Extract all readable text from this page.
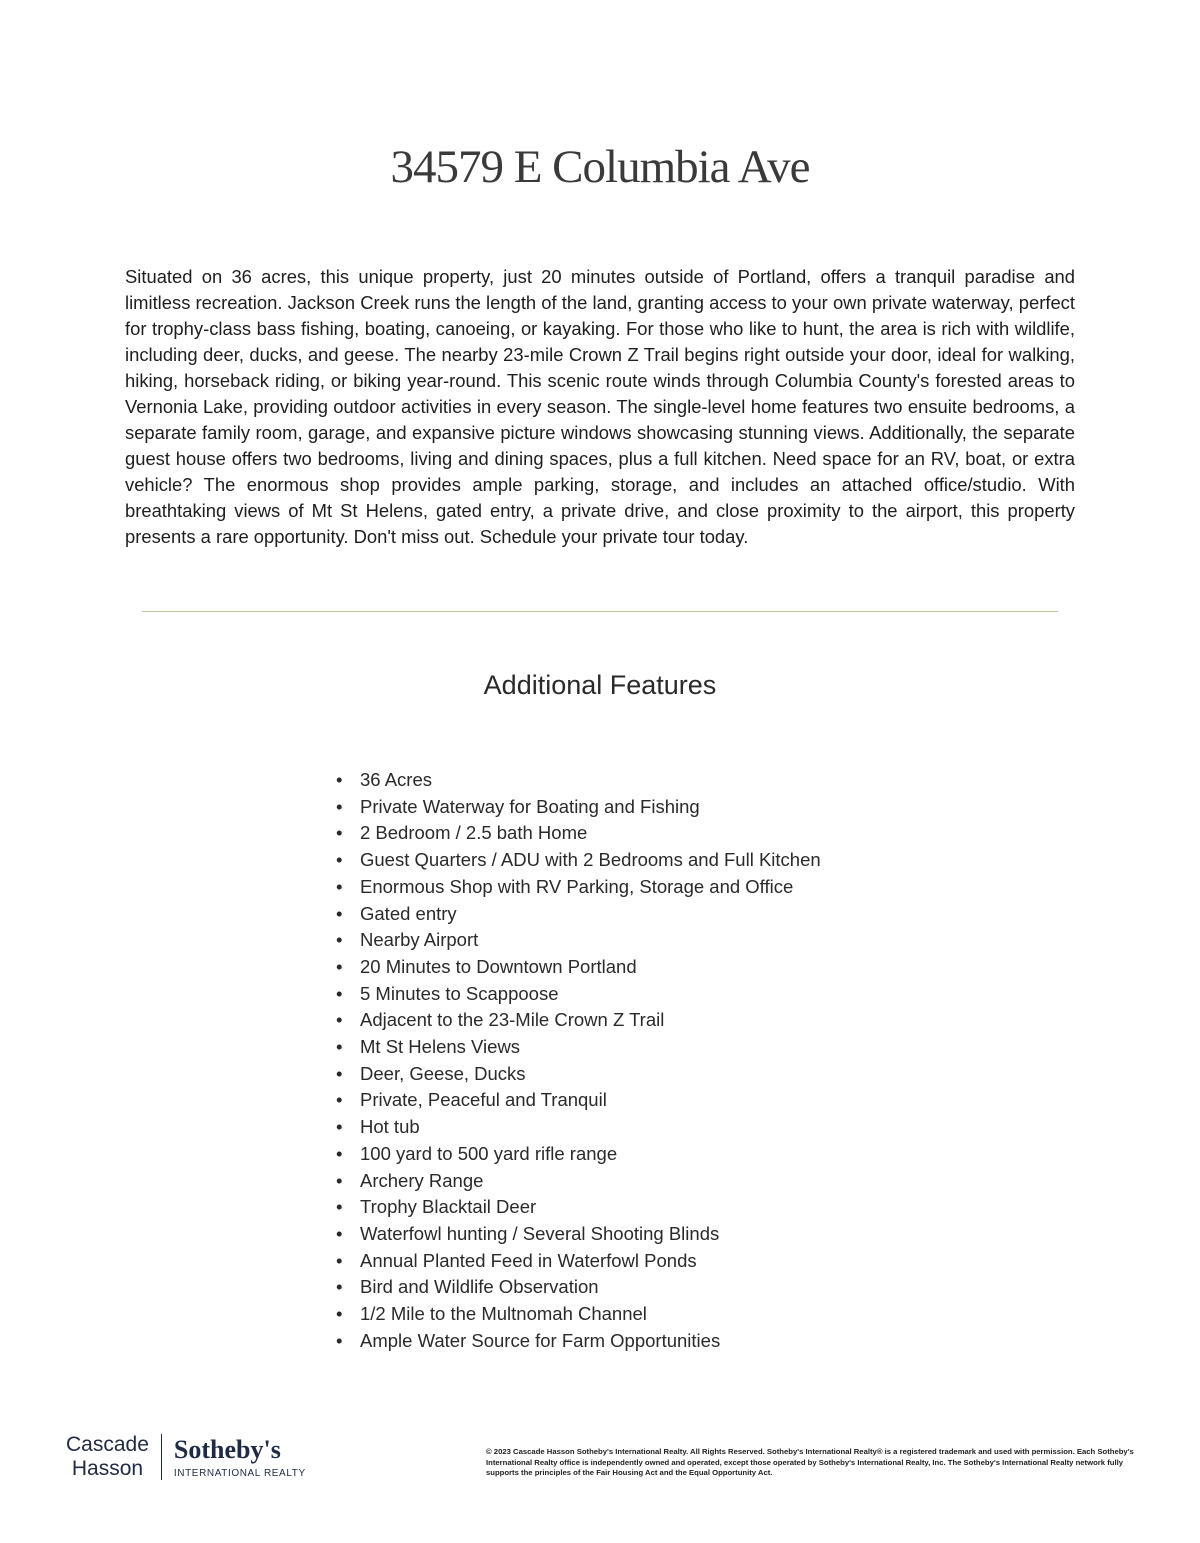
34579 E Columbia Ave

Situated on 36 acres, this unique property, just 20 minutes outside of Portland, offers a tranquil paradise and limitless recreation. Jackson Creek runs the length of the land, granting access to your own private waterway, perfect for trophy-class bass fishing, boating, canoeing, or kayaking. For those who like to hunt, the area is rich with wildlife, including deer, ducks, and geese. The nearby 23-mile Crown Z Trail begins right outside your door, ideal for walking, hiking, horseback riding, or biking year-round. This scenic route winds through Columbia County's forested areas to Vernonia Lake, providing outdoor activities in every season. The single-level home features two ensuite bedrooms, a separate family room, garage, and expansive picture windows showcasing stunning views. Additionally, the separate guest house offers two bedrooms, living and dining spaces, plus a full kitchen. Need space for an RV, boat, or extra vehicle? The enormous shop provides ample parking, storage, and includes an attached office/studio. With breathtaking views of Mt St Helens, gated entry, a private drive, and close proximity to the airport, this property presents a rare opportunity. Don't miss out. Schedule your private tour today.

Additional Features
• 36 Acres
• Private Waterway for Boating and Fishing
• 2 Bedroom / 2.5 bath Home
• Guest Quarters / ADU with 2 Bedrooms and Full Kitchen
• Enormous Shop with RV Parking, Storage and Office
• Gated entry
• Nearby Airport
• 20 Minutes to Downtown Portland
• 5 Minutes to Scappoose
• Adjacent to the 23-Mile Crown Z Trail
• Mt St Helens Views
• Deer, Geese, Ducks
• Private, Peaceful and Tranquil
• Hot tub
• 100 yard to 500 yard rifle range
• Archery Range
• Trophy Blacktail Deer
• Waterfowl hunting / Several Shooting Blinds
• Annual Planted Feed in Waterfowl Ponds
• Bird and Wildlife Observation
• 1/2 Mile to the Multnomah Channel
• Ample Water Source for Farm Opportunities
Cascade
Hasson
Sotheby's
INTERNATIONAL REALTY

© 2023 Cascade Hasson Sotheby's International Realty. All Rights Reserved. Sotheby's International Realty® is a registered trademark and used with permission. Each Sotheby's International Realty office is independently owned and operated, except those operated by Sotheby's International Realty, Inc. The Sotheby's International Realty network fully supports the principles of the Fair Housing Act and the Equal Opportunity Act.
